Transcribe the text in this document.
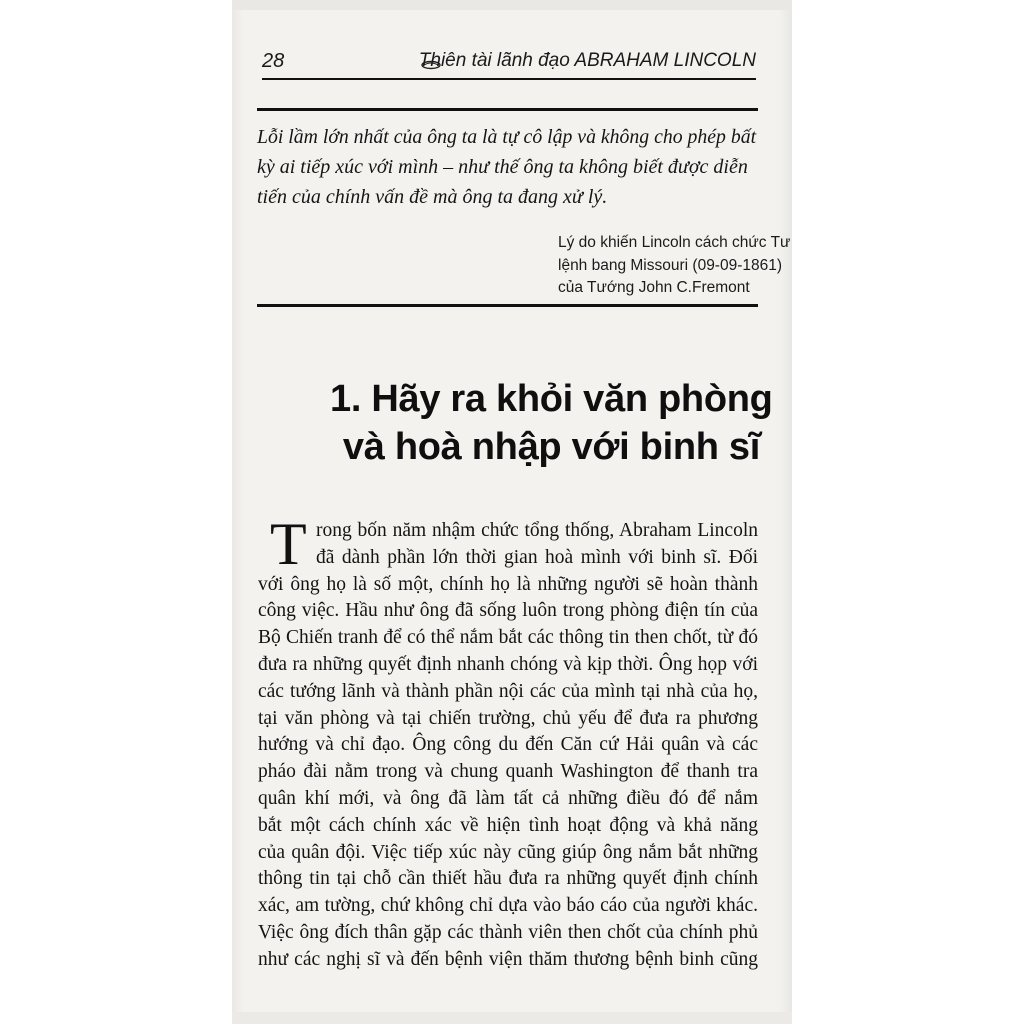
28	Thiên tài lãnh đạo ABRAHAM LINCOLN
Lỗi lầm lớn nhất của ông ta là tự cô lập và không cho phép bất
kỳ ai tiếp xúc với mình – như thế ông ta không biết được diễn
tiến của chính vấn đề mà ông ta đang xử lý.
Lý do khiến Lincoln cách chức Tư
lệnh bang Missouri (09-09-1861)
của Tướng John C.Fremont
1. Hãy ra khỏi văn phòng
và hoà nhập với binh sĩ
T rong bốn năm nhậm chức tổng thống, Abraham Lincoln
đã dành phần lớn thời gian hoà mình với binh sĩ. Đối
với ông họ là số một, chính họ là những người sẽ hoàn thành
công việc. Hầu như ông đã sống luôn trong phòng điện tín của
Bộ Chiến tranh để có thể nắm bắt các thông tin then chốt, từ đó
đưa ra những quyết định nhanh chóng và kịp thời. Ông họp với
các tướng lãnh và thành phần nội các của mình tại nhà của họ,
tại văn phòng và tại chiến trường, chủ yếu để đưa ra phương
hướng và chỉ đạo. Ông công du đến Căn cứ Hải quân và các
pháo đài nằm trong và chung quanh Washington để thanh tra
quân khí mới, và ông đã làm tất cả những điều đó để nắm
bắt một cách chính xác về hiện tình hoạt động và khả năng
của quân đội. Việc tiếp xúc này cũng giúp ông nắm bắt những
thông tin tại chỗ cần thiết hầu đưa ra những quyết định chính
xác, am tường, chứ không chỉ dựa vào báo cáo của người khác.
Việc ông đích thân gặp các thành viên then chốt của chính phủ
như các nghị sĩ và đến bệnh viện thăm thương bệnh binh cũng
